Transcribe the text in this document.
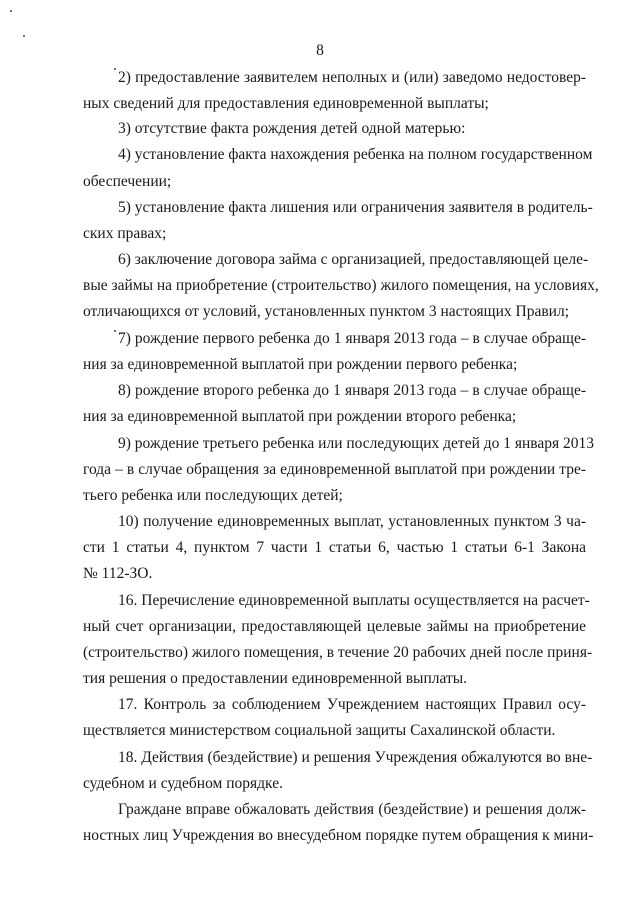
8
2) предоставление заявителем неполных и (или) заведомо недостовер-
ных сведений для предоставления единовременной выплаты;
3) отсутствие факта рождения детей одной матерью:
4) установление факта нахождения ребенка на полном государственном
обеспечении;
5) установление факта лишения или ограничения заявителя в родитель-
ских правах;
6) заключение договора займа с организацией, предоставляющей целе-
вые займы на приобретение (строительство) жилого помещения, на условиях,
отличающихся от условий, установленных пунктом 3 настоящих Правил;
7) рождение первого ребенка до 1 января 2013 года – в случае обраще-
ния за единовременной выплатой при рождении первого ребенка;
8) рождение второго ребенка до 1 января 2013 года – в случае обраще-
ния за единовременной выплатой при рождении второго ребенка;
9) рождение третьего ребенка или последующих детей до 1 января 2013
года – в случае обращения за единовременной выплатой при рождении тре-
тьего ребенка или последующих детей;
10) получение единовременных выплат, установленных пунктом 3 ча-
сти 1 статьи 4, пунктом 7 части 1 статьи 6, частью 1 статьи 6-1 Закона
№ 112-ЗО.
16. Перечисление единовременной выплаты осуществляется на расчет-
ный счет организации, предоставляющей целевые займы на приобретение
(строительство) жилого помещения, в течение 20 рабочих дней после приня-
тия решения о предоставлении единовременной выплаты.
17. Контроль за соблюдением Учреждением настоящих Правил осу-
ществляется министерством социальной защиты Сахалинской области.
18. Действия (бездействие) и решения Учреждения обжалуются во вне-
судебном и судебном порядке.
Граждане вправе обжаловать действия (бездействие) и решения долж-
ностных лиц Учреждения во внесудебном порядке путем обращения к мини-
